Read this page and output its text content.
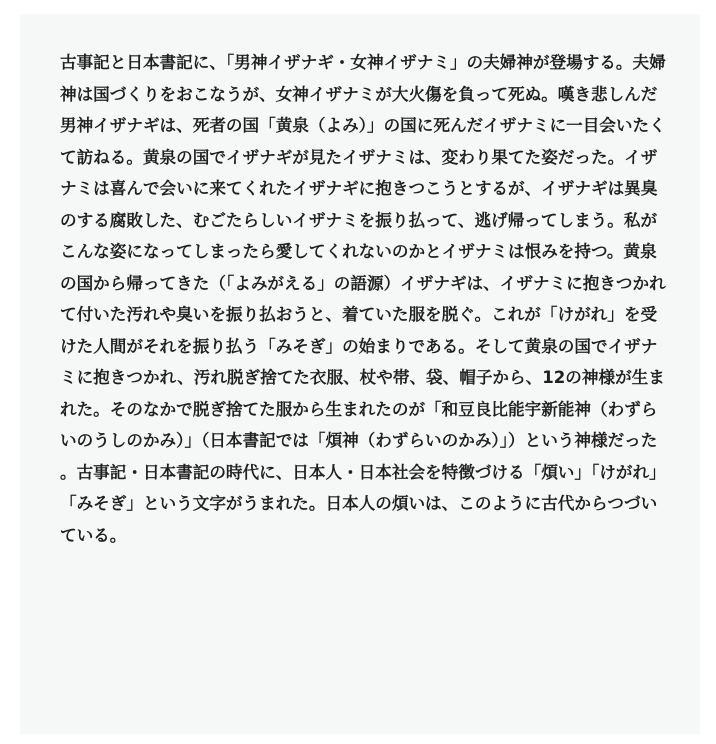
古事記と日本書記に、「男神イザナギ・女神イザナミ」の夫婦神が登場する。夫婦神は国づくりをおこなうが、女神イザナミが大火傷を負って死ぬ。嘆き悲しんだ男神イザナギは、死者の国「黄泉（よみ）」の国に死んだイザナミに一目会いたくて訪ねる。黄泉の国でイザナギが見たイザナミは、変わり果てた姿だった。イザナミは喜んで会いに来てくれたイザナギに抱きつこうとするが、イザナギは異臭のする腐敗した、むごたらしいイザナミを振り払って、逃げ帰ってしまう。私がこんな姿になってしまったら愛してくれないのかとイザナミは恨みを持つ。黄泉の国から帰ってきた（「よみがえる」の語源）イザナギは、イザナミに抱きつかれて付いた汚れや臭いを振り払おうと、着ていた服を脱ぐ。これが「けがれ」を受けた人間がそれを振り払う「みそぎ」の始まりである。そして黄泉の国でイザナミに抱きつかれ、汚れ脱ぎ捨てた衣服、杖や帯、袋、帽子から、12の神様が生まれた。そのなかで脱ぎ捨てた服から生まれたのが「和豆良比能宇新能神（わずらいのうしのかみ）」（日本書記では「煩神（わずらいのかみ）」）という神様だった。古事記・日本書記の時代に、日本人・日本社会を特徴づける「煩い」「けがれ」「みそぎ」という文字がうまれた。日本人の煩いは、このように古代からつづいている。
